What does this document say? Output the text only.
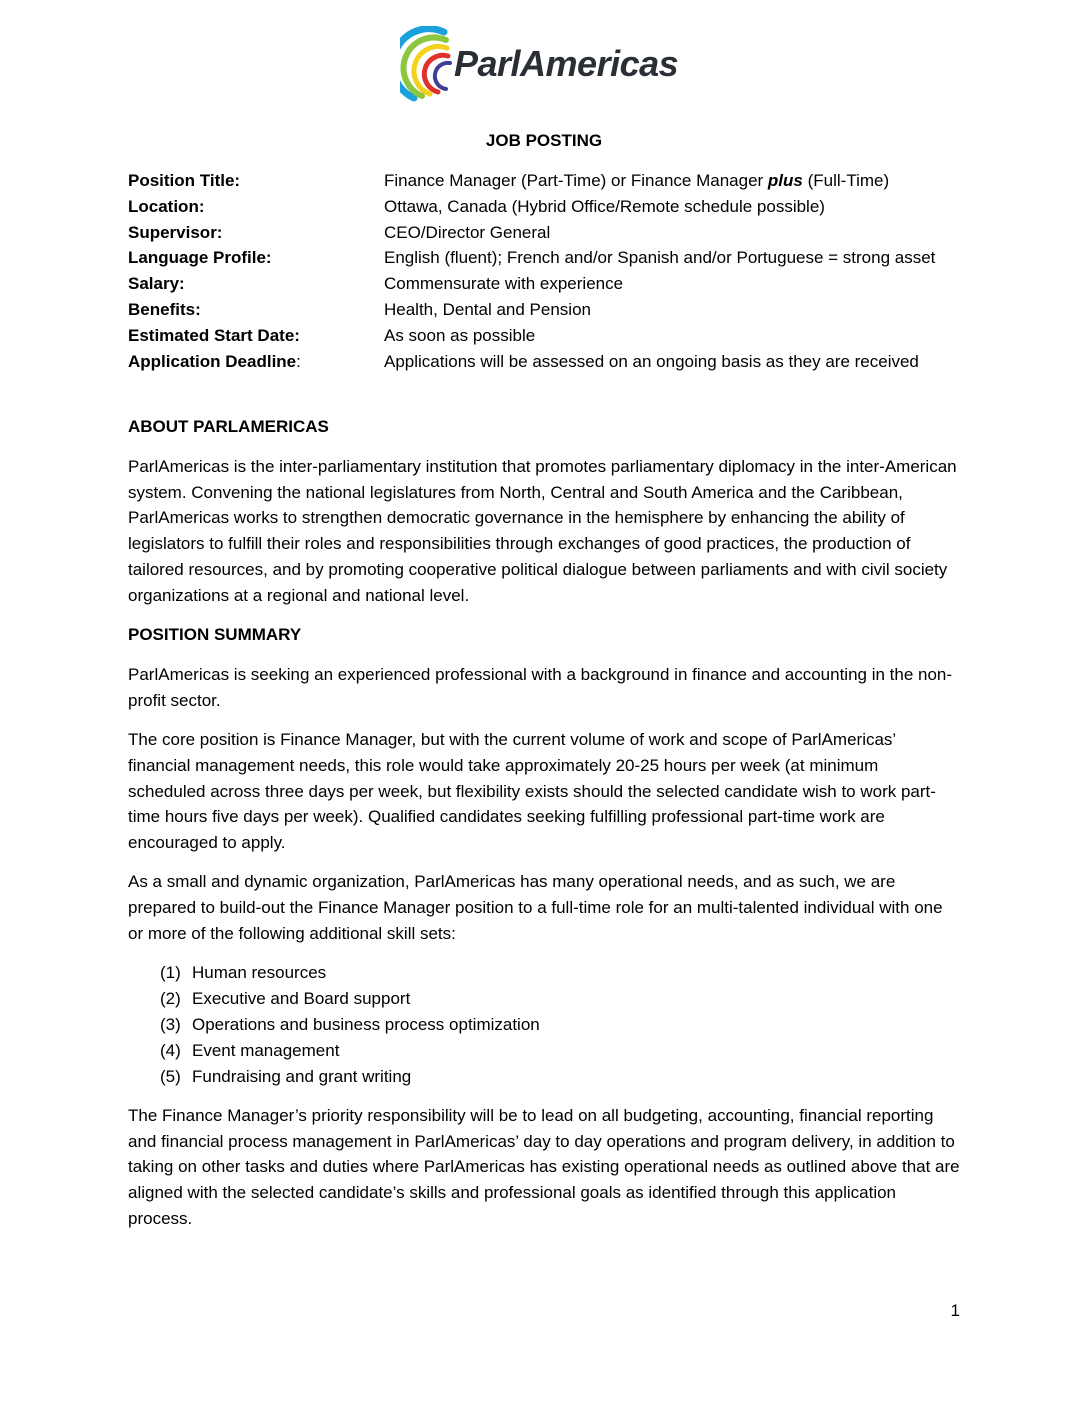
ParlAmericas
JOB POSTING
Position Title:	Finance Manager (Part-Time) or Finance Manager plus (Full-Time)
Location:	Ottawa, Canada (Hybrid Office/Remote schedule possible)
Supervisor:	CEO/Director General
Language Profile:	English (fluent); French and/or Spanish and/or Portuguese = strong asset
Salary:	Commensurate with experience
Benefits:	Health, Dental and Pension
Estimated Start Date:	As soon as possible
Application Deadline:	Applications will be assessed on an ongoing basis as they are received
ABOUT PARLAMERICAS

ParlAmericas is the inter-parliamentary institution that promotes parliamentary diplomacy in the inter-American system. Convening the national legislatures from North, Central and South America and the Caribbean, ParlAmericas works to strengthen democratic governance in the hemisphere by enhancing the ability of legislators to fulfill their roles and responsibilities through exchanges of good practices, the production of tailored resources, and by promoting cooperative political dialogue between parliaments and with civil society organizations at a regional and national level.

POSITION SUMMARY

ParlAmericas is seeking an experienced professional with a background in finance and accounting in the non-profit sector.

The core position is Finance Manager, but with the current volume of work and scope of ParlAmericas’ financial management needs, this role would take approximately 20-25 hours per week (at minimum scheduled across three days per week, but flexibility exists should the selected candidate wish to work part-time hours five days per week). Qualified candidates seeking fulfilling professional part-time work are encouraged to apply.

As a small and dynamic organization, ParlAmericas has many operational needs, and as such, we are prepared to build-out the Finance Manager position to a full-time role for an multi-talented individual with one or more of the following additional skill sets:

(1) Human resources
(2) Executive and Board support
(3) Operations and business process optimization
(4) Event management
(5) Fundraising and grant writing

The Finance Manager’s priority responsibility will be to lead on all budgeting, accounting, financial reporting and financial process management in ParlAmericas’ day to day operations and program delivery, in addition to taking on other tasks and duties where ParlAmericas has existing operational needs as outlined above that are aligned with the selected candidate’s skills and professional goals as identified through this application process.

1
